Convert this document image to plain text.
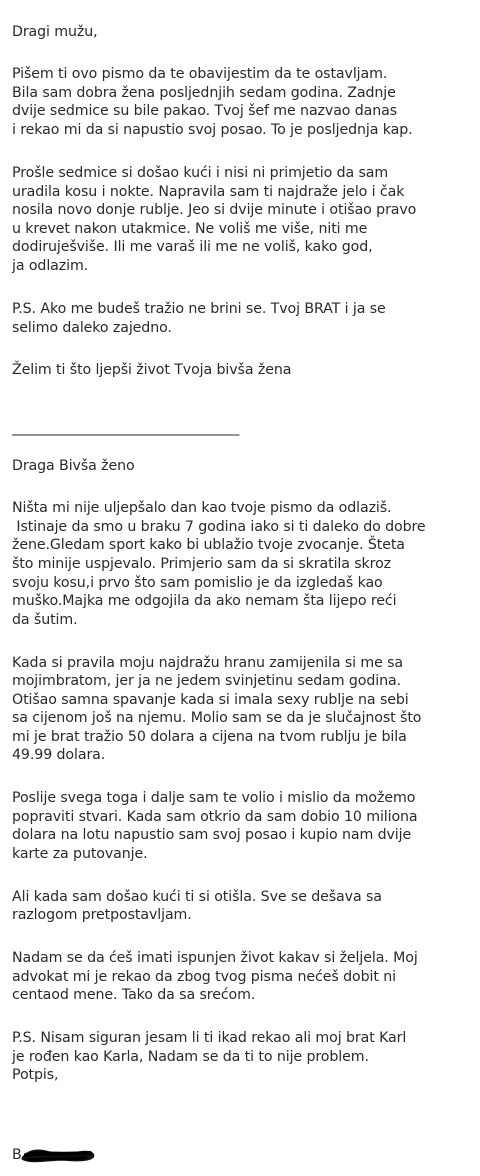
Dragi mužu,

Pišem ti ovo pismo da te obavijestim da te ostavljam.

Bila sam dobra žena posljednjih sedam godina. Zadnje

dvije sedmice su bile pakao. Tvoj šef me nazvao danas

i rekao mi da si napustio svoj posao. To je posljednja kap.

Prošle sedmice si došao kući i nisi ni primjetio da sam

uradila kosu i nokte. Napravila sam ti najdraže jelo i čak

nosila novo donje rublje. Jeo si dvije minute i otišao pravo

u krevet nakon utakmice. Ne voliš me više, niti me

dodiruješviše. Ili me varaš ili me ne voliš, kako god,

ja odlazim.

P.S. Ako me budeš tražio ne brini se. Tvoj BRAT i ja se

selimo daleko zajedno.

Želim ti što ljepši život Tvoja bivša žena

_______________________________________

Draga Bivša ženo

Ništa mi nije uljepšalo dan kao tvoje pismo da odlaziš.

Istinaje da smo u braku 7 godina iako si ti daleko do dobre

žene.Gledam sport kako bi ublažio tvoje zvocanje. Šteta

što minije uspjevalo. Primjerio sam da si skratila skroz

svoju kosu,i prvo što sam pomislio je da izgledaš kao

muško.Majka me odgojila da ako nemam šta lijepo reći

da šutim.

Kada si pravila moju najdražu hranu zamijenila si me sa

mojimbratom, jer ja ne jedem svinjetinu sedam godina.

Otišao samna spavanje kada si imala sexy rublje na sebi

sa cijenom još na njemu. Molio sam se da je slučajnost što

mi je brat tražio 50 dolara a cijena na tvom rublju je bila

49.99 dolara.

Poslije svega toga i dalje sam te volio i mislio da možemo

popraviti stvari. Kada sam otkrio da sam dobio 10 miliona

dolara na lotu napustio sam svoj posao i kupio nam dvije

karte za putovanje.

Ali kada sam došao kući ti si otišla. Sve se dešava sa

razlogom pretpostavljam.

Nadam se da ćeš imati ispunjen život kakav si željela. Moj

advokat mi je rekao da zbog tvog pisma nećeš dobit ni

centaod mene. Tako da sa srećom.

P.S. Nisam siguran jesam li ti ikad rekao ali moj brat Karl

je rođen kao Karla, Nadam se da ti to nije problem.

Potpis,

B
